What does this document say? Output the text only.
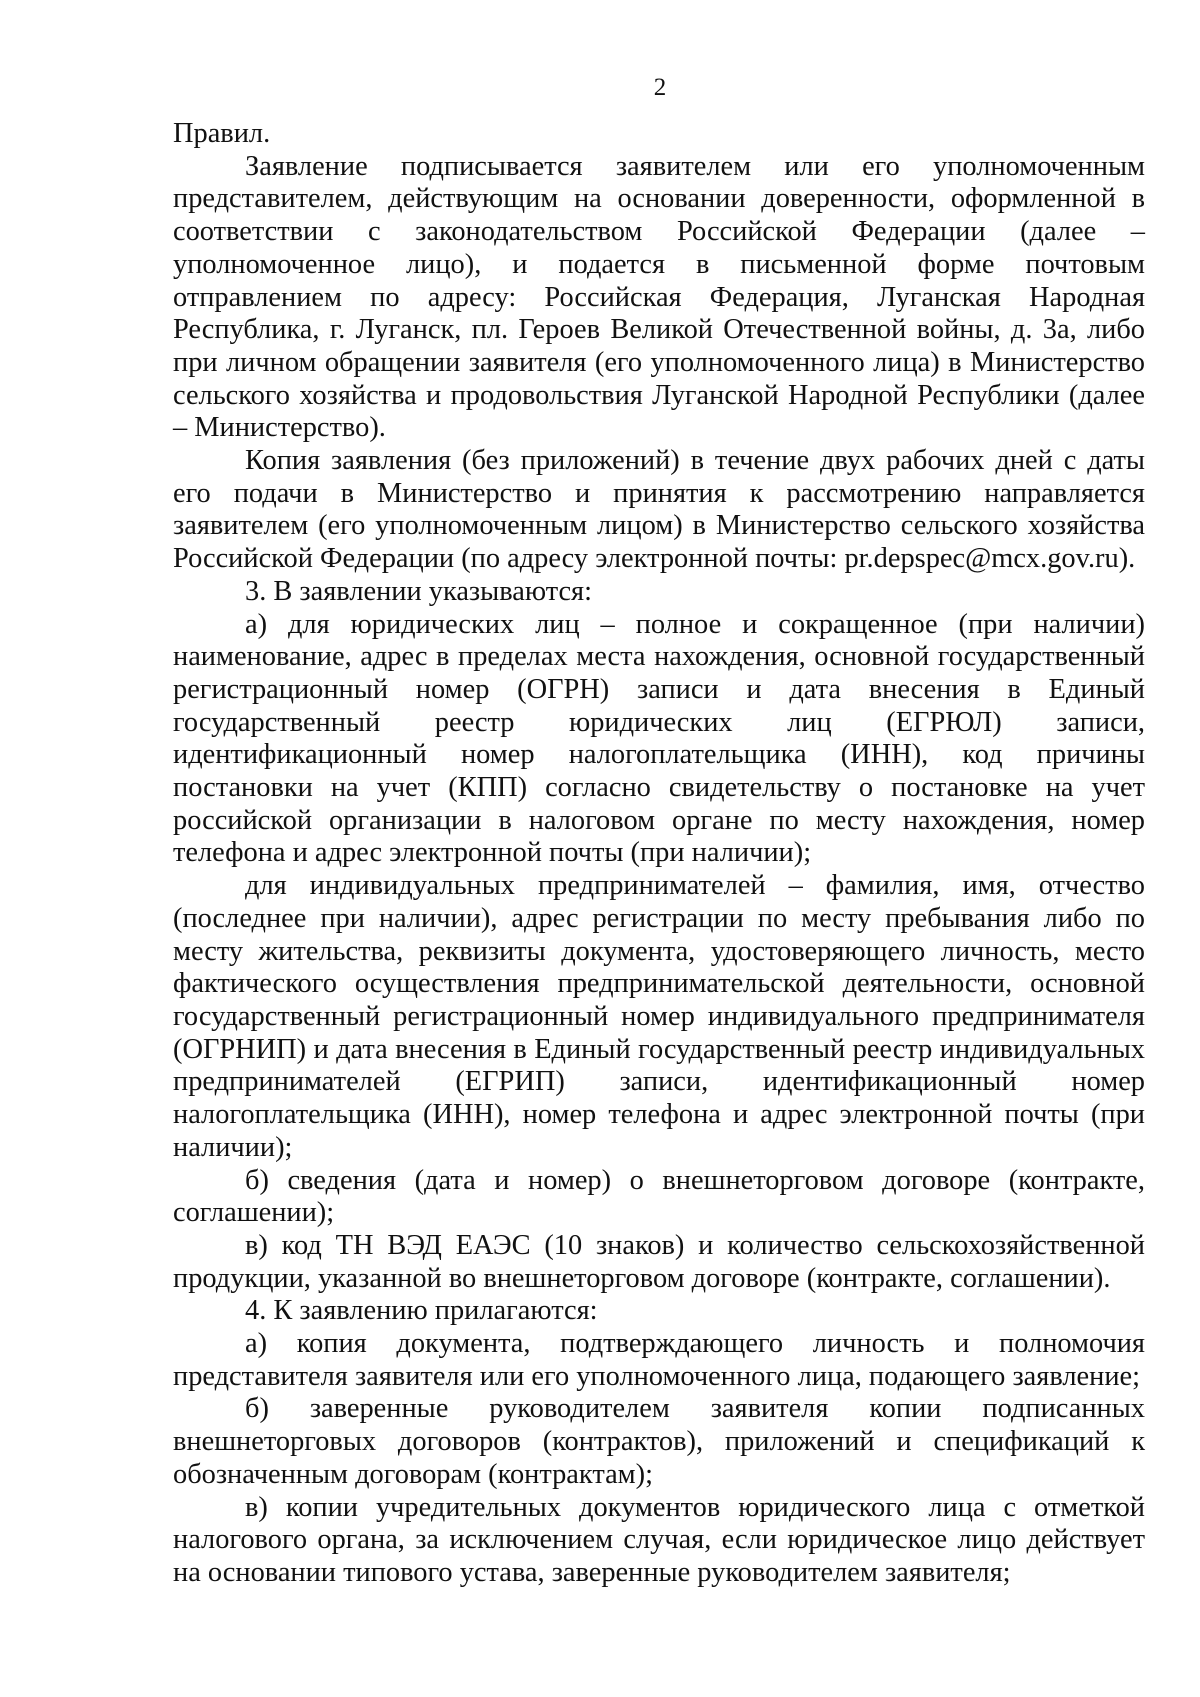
2

Правил.

Заявление подписывается заявителем или его уполномоченным представителем, действующим на основании доверенности, оформленной в соответствии с законодательством Российской Федерации (далее – уполномоченное лицо), и подается в письменной форме почтовым отправлением по адресу: Российская Федерация, Луганская Народная Республика, г. Луганск, пл. Героев Великой Отечественной войны, д. 3а, либо при личном обращении заявителя (его уполномоченного лица) в Министерство сельского хозяйства и продовольствия Луганской Народной Республики (далее – Министерство).

Копия заявления (без приложений) в течение двух рабочих дней с даты его подачи в Министерство и принятия к рассмотрению направляется заявителем (его уполномоченным лицом) в Министерство сельского хозяйства Российской Федерации (по адресу электронной почты: pr.depspec@mcx.gov.ru).

3. В заявлении указываются:

а) для юридических лиц – полное и сокращенное (при наличии) наименование, адрес в пределах места нахождения, основной государственный регистрационный номер (ОГРН) записи и дата внесения в Единый государственный реестр юридических лиц (ЕГРЮЛ) записи, идентификационный номер налогоплательщика (ИНН), код причины постановки на учет (КПП) согласно свидетельству о постановке на учет российской организации в налоговом органе по месту нахождения, номер телефона и адрес электронной почты (при наличии);

для индивидуальных предпринимателей – фамилия, имя, отчество (последнее при наличии), адрес регистрации по месту пребывания либо по месту жительства, реквизиты документа, удостоверяющего личность, место фактического осуществления предпринимательской деятельности, основной государственный регистрационный номер индивидуального предпринимателя (ОГРНИП) и дата внесения в Единый государственный реестр индивидуальных предпринимателей (ЕГРИП) записи, идентификационный номер налогоплательщика (ИНН), номер телефона и адрес электронной почты (при наличии);

б) сведения (дата и номер) о внешнеторговом договоре (контракте, соглашении);

в) код ТН ВЭД ЕАЭС (10 знаков) и количество сельскохозяйственной продукции, указанной во внешнеторговом договоре (контракте, соглашении).

4. К заявлению прилагаются:

а) копия документа, подтверждающего личность и полномочия представителя заявителя или его уполномоченного лица, подающего заявление;

б) заверенные руководителем заявителя копии подписанных внешнеторговых договоров (контрактов), приложений и спецификаций к обозначенным договорам (контрактам);

в) копии учредительных документов юридического лица с отметкой налогового органа, за исключением случая, если юридическое лицо действует на основании типового устава, заверенные руководителем заявителя;
